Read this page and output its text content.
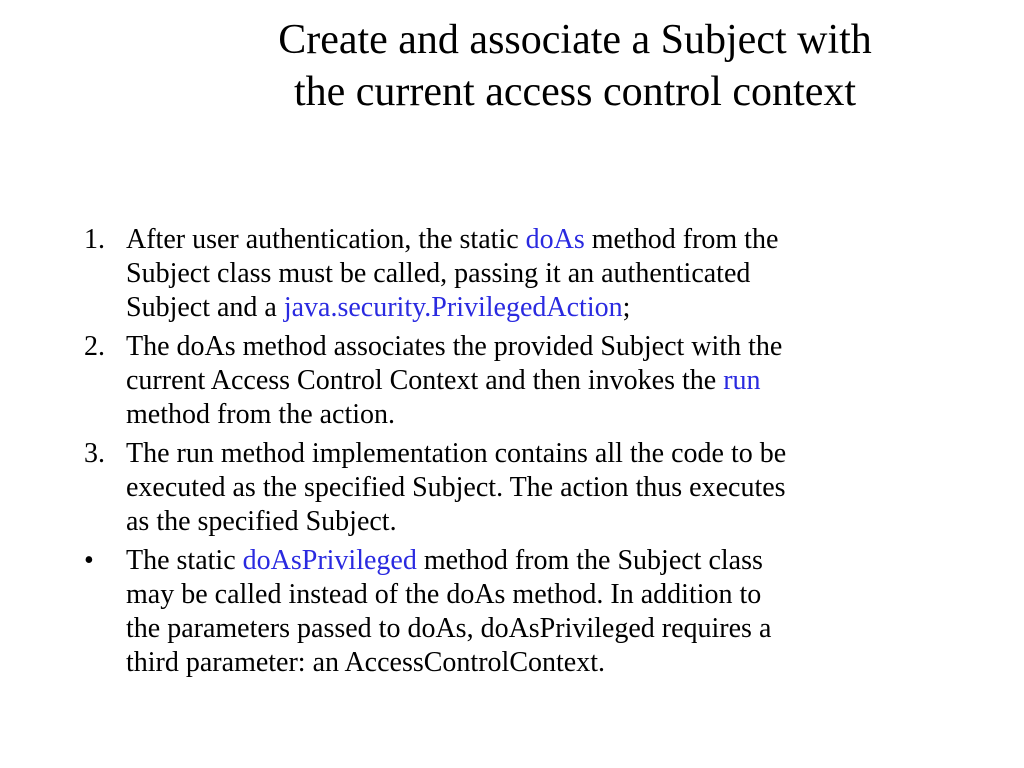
Create and associate a Subject with
the current access control context
1. After user authentication, the static doAs method from the
Subject class must be called, passing it an authenticated
Subject and a java.security.PrivilegedAction;
2. The doAs method associates the provided Subject with the
current Access Control Context and then invokes the run
method from the action.
3. The run method implementation contains all the code to be
executed as the specified Subject. The action thus executes
as the specified Subject.
•	The static doAsPrivileged method from the Subject class
may be called instead of the doAs method. In addition to
the parameters passed to doAs, doAsPrivileged requires a
third parameter: an AccessControlContext.
